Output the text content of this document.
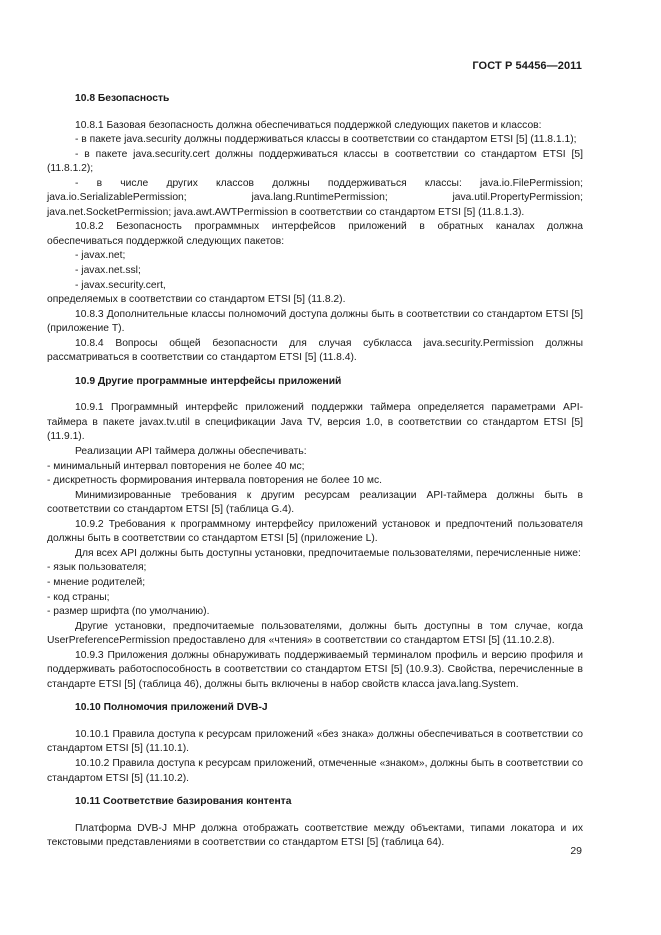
ГОСТ Р 54456—2011
10.8 Безопасность

10.8.1 Базовая безопасность должна обеспечиваться поддержкой следующих пакетов и классов:

- в пакете java.security должны поддерживаться классы в соответствии со стандартом ETSI [5] (11.8.1.1);

- в пакете java.security.cert должны поддерживаться классы в соответствии со стандартом ETSI [5] (11.8.1.2);

- в числе других классов должны поддерживаться классы: java.io.FilePermission; java.io.SerializablePermission; java.lang.RuntimePermission; java.util.PropertyPermission; java.net.SocketPermission; java.awt.AWTPermission в соответствии со стандартом ETSI [5] (11.8.1.3).

10.8.2 Безопасность программных интерфейсов приложений в обратных каналах должна обеспечиваться поддержкой следующих пакетов:

- javax.net;

- javax.net.ssl;

- javax.security.cert,

определяемых в соответствии со стандартом ETSI [5] (11.8.2).

10.8.3 Дополнительные классы полномочий доступа должны быть в соответствии со стандартом ETSI [5] (приложение Т).

10.8.4 Вопросы общей безопасности для случая субкласса java.security.Permission должны рассматриваться в соответствии со стандартом ETSI [5] (11.8.4).

10.9 Другие программные интерфейсы приложений

10.9.1 Программный интерфейс приложений поддержки таймера определяется параметрами API-таймера в пакете javax.tv.util в спецификации Java TV, версия 1.0, в соответствии со стандартом ETSI [5] (11.9.1).

Реализации API таймера должны обеспечивать:

- минимальный интервал повторения не более 40 мс;

- дискретность формирования интервала повторения не более 10 мс.

Минимизированные требования к другим ресурсам реализации API-таймера должны быть в соответствии со стандартом ETSI [5] (таблица G.4).

10.9.2 Требования к программному интерфейсу приложений установок и предпочтений пользователя должны быть в соответствии со стандартом ETSI [5] (приложение L).

Для всех API должны быть доступны установки, предпочитаемые пользователями, перечисленные ниже:

- язык пользователя;

- мнение родителей;

- код страны;

- размер шрифта (по умолчанию).

Другие установки, предпочитаемые пользователями, должны быть доступны в том случае, когда UserPreferencePermission предоставлено для «чтения» в соответствии со стандартом ETSI [5] (11.10.2.8).

10.9.3 Приложения должны обнаруживать поддерживаемый терминалом профиль и версию профиля и поддерживать работоспособность в соответствии со стандартом ETSI [5] (10.9.3). Свойства, перечисленные в стандарте ETSI [5] (таблица 46), должны быть включены в набор свойств класса java.lang.System.

10.10 Полномочия приложений DVB-J

10.10.1 Правила доступа к ресурсам приложений «без знака» должны обеспечиваться в соответствии со стандартом ETSI [5] (11.10.1).

10.10.2 Правила доступа к ресурсам приложений, отмеченные «знаком», должны быть в соответствии со стандартом ETSI [5] (11.10.2).

10.11 Соответствие базирования контента

Платформа DVB-J MHP должна отображать соответствие между объектами, типами локатора и их текстовыми представлениями в соответствии со стандартом ETSI [5] (таблица 64).

29
